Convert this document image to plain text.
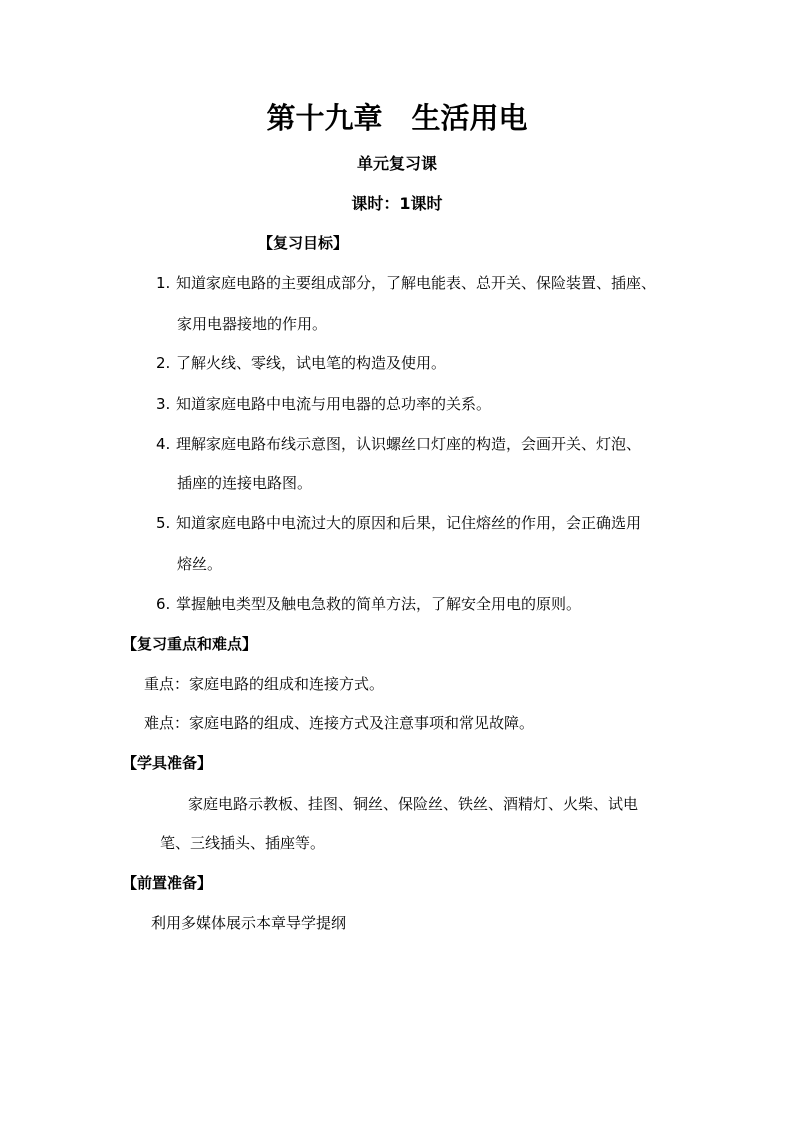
第十九章　生活用电
单元复习课
课时：1课时
【复习目标】
1. 知道家庭电路的主要组成部分，了解电能表、总开关、保险装置、插座、
家用电器接地的作用。
2. 了解火线、零线，试电笔的构造及使用。
3. 知道家庭电路中电流与用电器的总功率的关系。
4. 理解家庭电路布线示意图，认识螺丝口灯座的构造，会画开关、灯泡、
插座的连接电路图。
5. 知道家庭电路中电流过大的原因和后果，记住熔丝的作用，会正确选用
熔丝。
6. 掌握触电类型及触电急救的简单方法，了解安全用电的原则。
【复习重点和难点】
重点：家庭电路的组成和连接方式。
难点：家庭电路的组成、连接方式及注意事项和常见故障。
【学具准备】
家庭电路示教板、挂图、铜丝、保险丝、铁丝、酒精灯、火柴、试电
笔、三线插头、插座等。
【前置准备】
利用多媒体展示本章导学提纲
